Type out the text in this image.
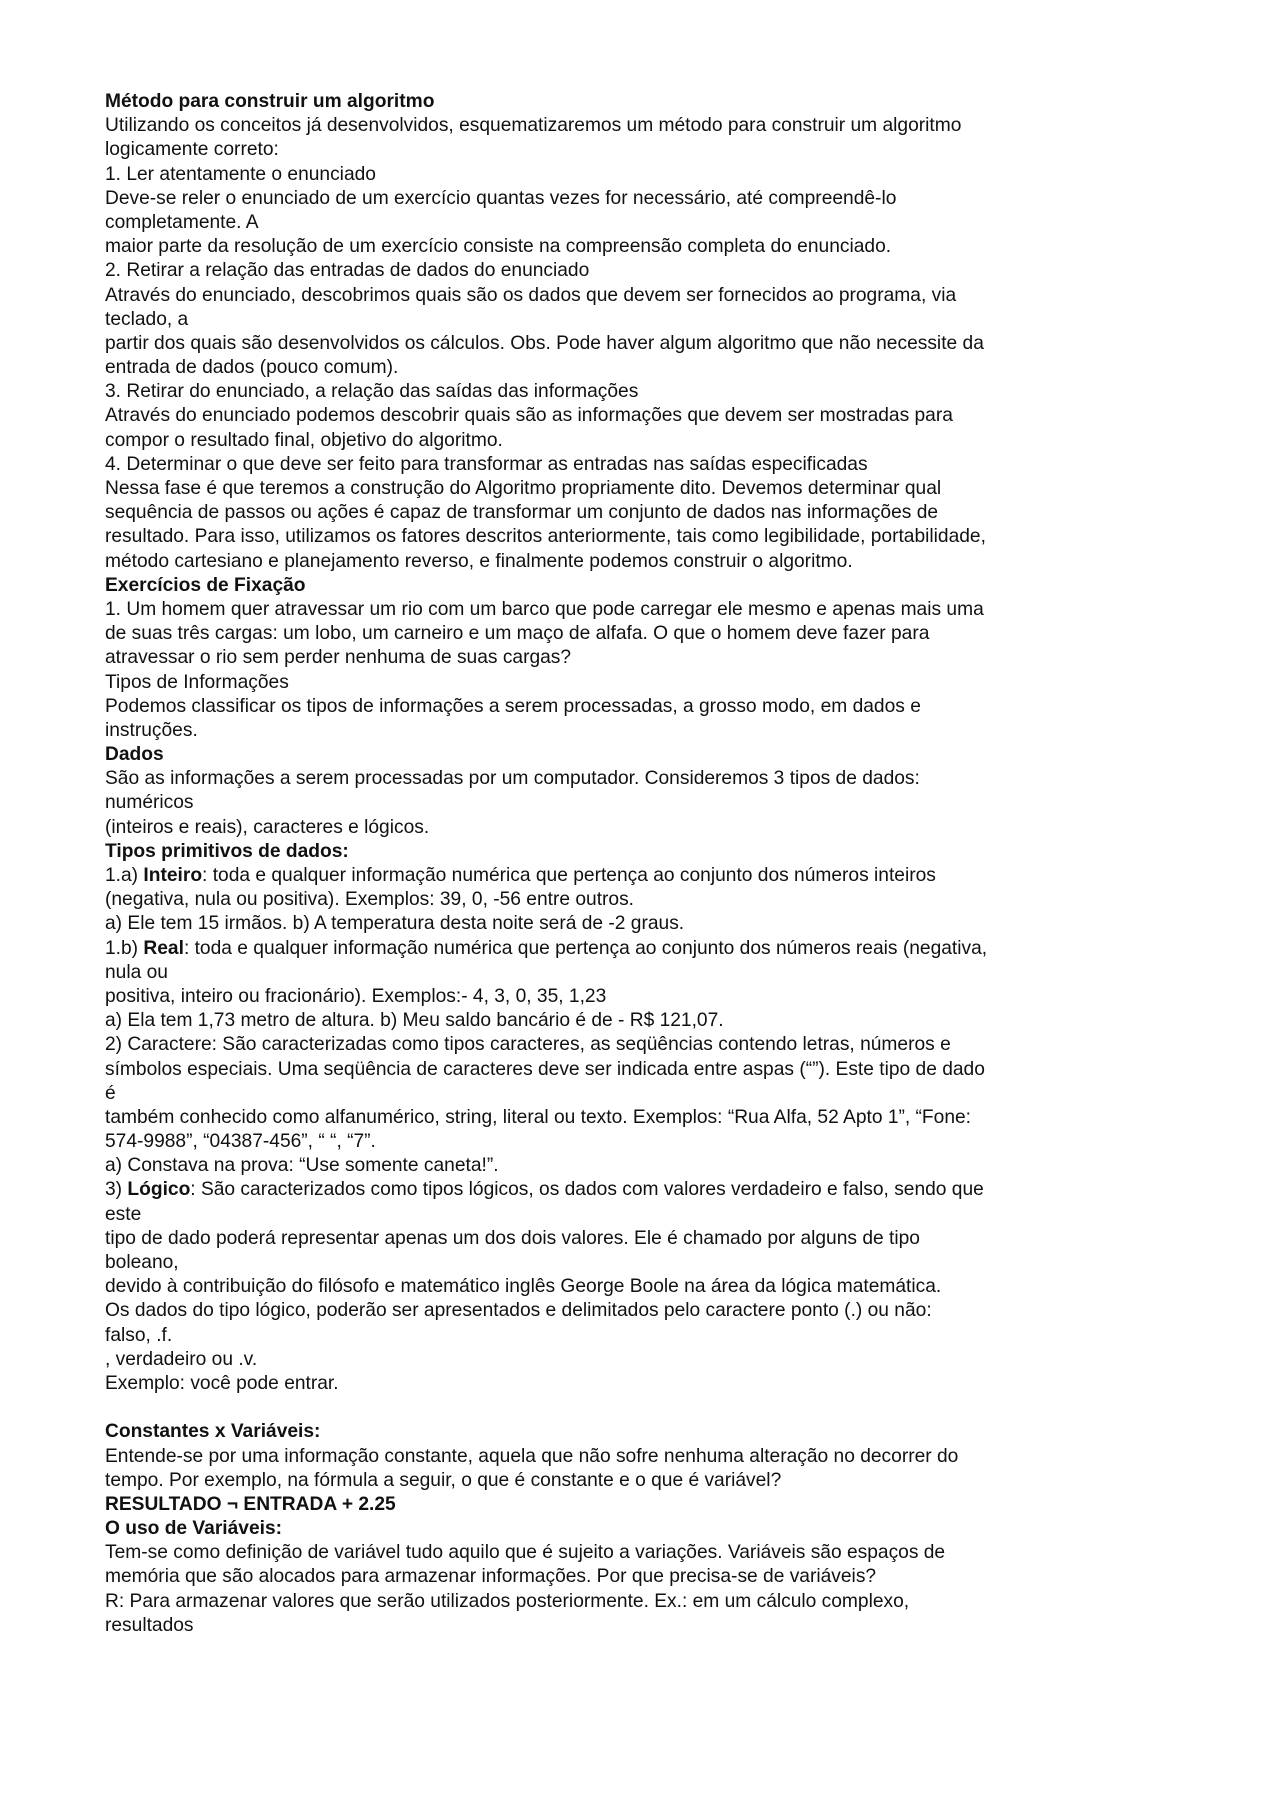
Método para construir um algoritmo
Utilizando os conceitos já desenvolvidos, esquematizaremos um método para construir um algoritmo
logicamente correto:
1. Ler atentamente o enunciado
Deve-se reler o enunciado de um exercício quantas vezes for necessário, até compreendê-lo
completamente. A
maior parte da resolução de um exercício consiste na compreensão completa do enunciado.
2. Retirar a relação das entradas de dados do enunciado
Através do enunciado, descobrimos quais são os dados que devem ser fornecidos ao programa, via
teclado, a
partir dos quais são desenvolvidos os cálculos. Obs. Pode haver algum algoritmo que não necessite da
entrada de dados (pouco comum).
3. Retirar do enunciado, a relação das saídas das informações
Através do enunciado podemos descobrir quais são as informações que devem ser mostradas para
compor o resultado final, objetivo do algoritmo.
4. Determinar o que deve ser feito para transformar as entradas nas saídas especificadas
Nessa fase é que teremos a construção do Algoritmo propriamente dito. Devemos determinar qual
sequência de passos ou ações é capaz de transformar um conjunto de dados nas informações de
resultado. Para isso, utilizamos os fatores descritos anteriormente, tais como legibilidade, portabilidade,
método cartesiano e planejamento reverso, e finalmente podemos construir o algoritmo.
Exercícios de Fixação
1. Um homem quer atravessar um rio com um barco que pode carregar ele mesmo e apenas mais uma
de suas três cargas: um lobo, um carneiro e um maço de alfafa. O que o homem deve fazer para
atravessar o rio sem perder nenhuma de suas cargas?
Tipos de Informações
Podemos classificar os tipos de informações a serem processadas, a grosso modo, em dados e
instruções.
Dados
São as informações a serem processadas por um computador. Consideremos 3 tipos de dados:
numéricos
(inteiros e reais), caracteres e lógicos.
Tipos primitivos de dados:
1.a) Inteiro: toda e qualquer informação numérica que pertença ao conjunto dos números inteiros
(negativa, nula ou positiva). Exemplos: 39, 0, -56 entre outros.
a) Ele tem 15 irmãos. b) A temperatura desta noite será de -2 graus.
1.b) Real: toda e qualquer informação numérica que pertença ao conjunto dos números reais (negativa,
nula ou
positiva, inteiro ou fracionário). Exemplos:- 4, 3, 0, 35, 1,23
a) Ela tem 1,73 metro de altura. b) Meu saldo bancário é de - R$ 121,07.
2) Caractere: São caracterizadas como tipos caracteres, as seqüências contendo letras, números e
símbolos especiais. Uma seqüência de caracteres deve ser indicada entre aspas (“”). Este tipo de dado
é
também conhecido como alfanumérico, string, literal ou texto. Exemplos: “Rua Alfa, 52 Apto 1”, “Fone:
574-9988”, “04387-456”, “ “, “7”.
a) Constava na prova: “Use somente caneta!”.
3) Lógico: São caracterizados como tipos lógicos, os dados com valores verdadeiro e falso, sendo que
este
tipo de dado poderá representar apenas um dos dois valores. Ele é chamado por alguns de tipo
boleano,
devido à contribuição do filósofo e matemático inglês George Boole na área da lógica matemática.
Os dados do tipo lógico, poderão ser apresentados e delimitados pelo caractere ponto (.) ou não:
falso, .f.
, verdadeiro ou .v.
Exemplo: você pode entrar.
Constantes x Variáveis:
Entende-se por uma informação constante, aquela que não sofre nenhuma alteração no decorrer do
tempo. Por exemplo, na fórmula a seguir, o que é constante e o que é variável?
RESULTADO ¬ ENTRADA + 2.25
O uso de Variáveis:
Tem-se como definição de variável tudo aquilo que é sujeito a variações. Variáveis são espaços de
memória que são alocados para armazenar informações. Por que precisa-se de variáveis?
R: Para armazenar valores que serão utilizados posteriormente. Ex.: em um cálculo complexo,
resultados
